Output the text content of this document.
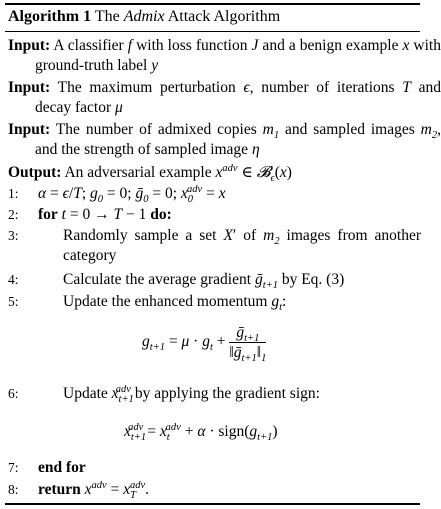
Algorithm 1 The Admix Attack Algorithm
Input: A classifier f with loss function J and a benign example x with ground-truth label y
Input: The maximum perturbation ϵ, number of iterations T and decay factor μ
Input: The number of admixed copies $m_1$ and sampled images $m_2$, and the strength of sampled image η
Output: An adversarial example $x^{adv}$ ∈ 𝓑$_\epsilon$(x)
1: α = ϵ/T; $g_0 = 0$; ḡ$_0$ = 0; $x_0^{adv} = x$
2: for t = 0 → T − 1 do:
3:	Randomly sample a set X′ of $m_2$ images from another category
4:	Calculate the average gradient ḡ$_{t+1}$ by Eq. (3)
5:	Update the enhanced momentum $g_t$:
$g_{t+1} = \mu \cdot g_t + \frac{ḡ_{t+1}}{‖ḡ_{t+1}‖_1}$
6:	Update $x_{t+1}^{adv}$ by applying the gradient sign:
$x_{t+1}^{adv} = x_t^{adv} + \alpha$ · $sign(g_{t+1})$
7: end for
8: return $x^{adv} = x_T^{adv}$.
